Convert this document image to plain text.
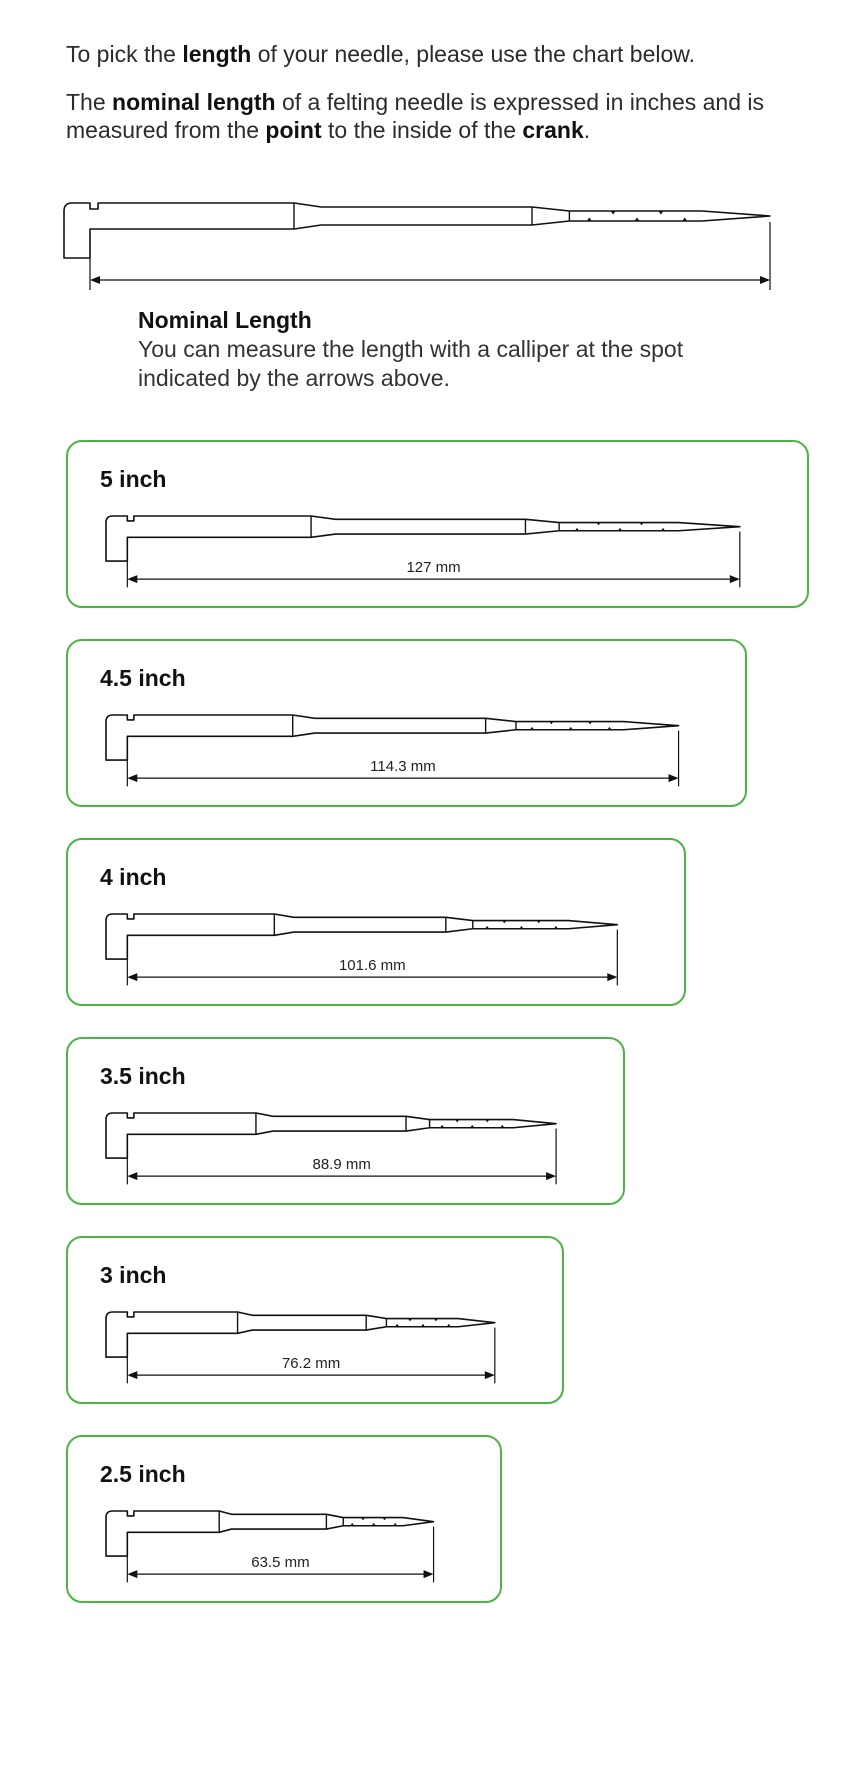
To pick the length of your needle, please use the chart below.

The nominal length of a felting needle is expressed in inches and is measured from the point to the inside of the crank.

Nominal Length
You can measure the length with a calliper at the spot indicated by the arrows above.
5 inch
127 mm
4.5 inch
114.3 mm
4 inch
101.6 mm
3.5 inch
88.9 mm
3 inch
76.2 mm
2.5 inch
63.5 mm
